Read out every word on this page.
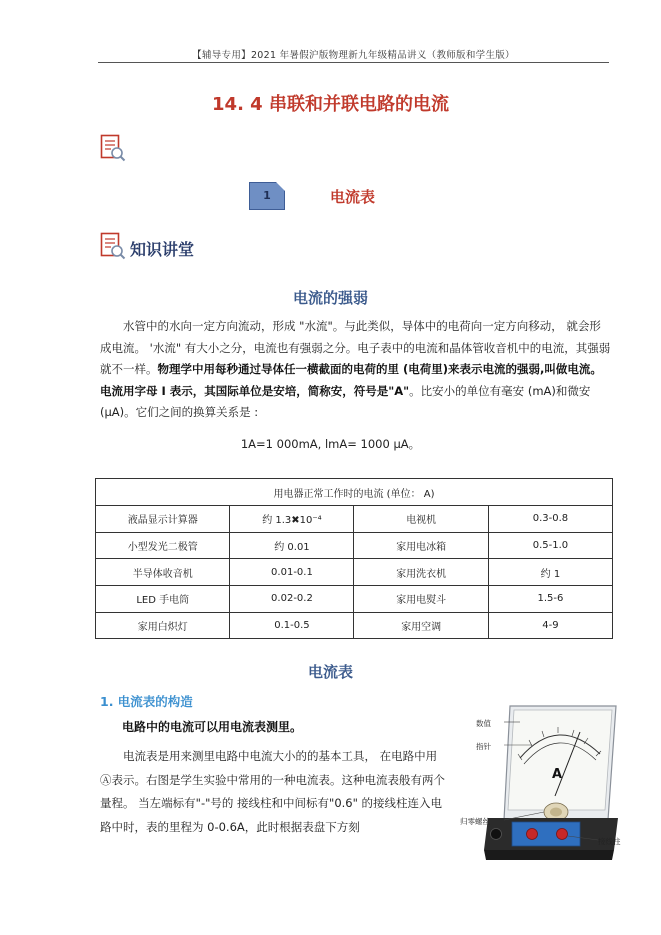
【辅导专用】2021 年暑假沪版物理新九年级精品讲义（教师版和学生版）
14. 4 串联和并联电路的电流
1	电流表
知识讲堂
电流的强弱
水管中的水向一定方向流动，形成 "水流"。与此类似，导体中的电荷向一定方向移动， 就会形成电流。 '水流" 有大小之分，电流也有强弱之分。电子表中的电流和晶体管收音机中的电流，其强弱就不一样。物理学中用每秒通过导体任一横截面的电荷的里 (电荷里)来表示电流的强弱,叫做电流。 电流用字母 I 表示，其国际单位是安培，简称安，符号是"A"。比安小的单位有毫安 (mA)和微安 (μA)。它们之间的换算关系是 :
1A=1 000mA, lmA= 1000 μA。
用电器正常工作时的电流 (单位： A)			
液晶显示计算器	约 1.3✖10⁻⁴	电视机	0.3-0.8
小型发光二极管	约 0.01	家用电冰箱	0.5-1.0
半导体收音机	0.01-0.1	家用洗衣机	约 1
LED 手电筒	0.02-0.2	家用电熨斗	1.5-6
家用白炽灯	0.1-0.5	家用空调	4-9
电流表
1. 电流表的构造
电路中的电流可以用电流表测里。
电流表是用来测里电路中电流大小的的基本工具， 在电路中用Ⓐ表示。右图是学生实验中常用的一种电流表。这种电流表般有两个量程。 当左端标有"-"号的 接线柱和中间标有"0.6" 的接线柱连入电路中时，表的里程为 0-0.6A，此时根据表盘下方刻
A
数值
指针
归零螺丝
接线柱
